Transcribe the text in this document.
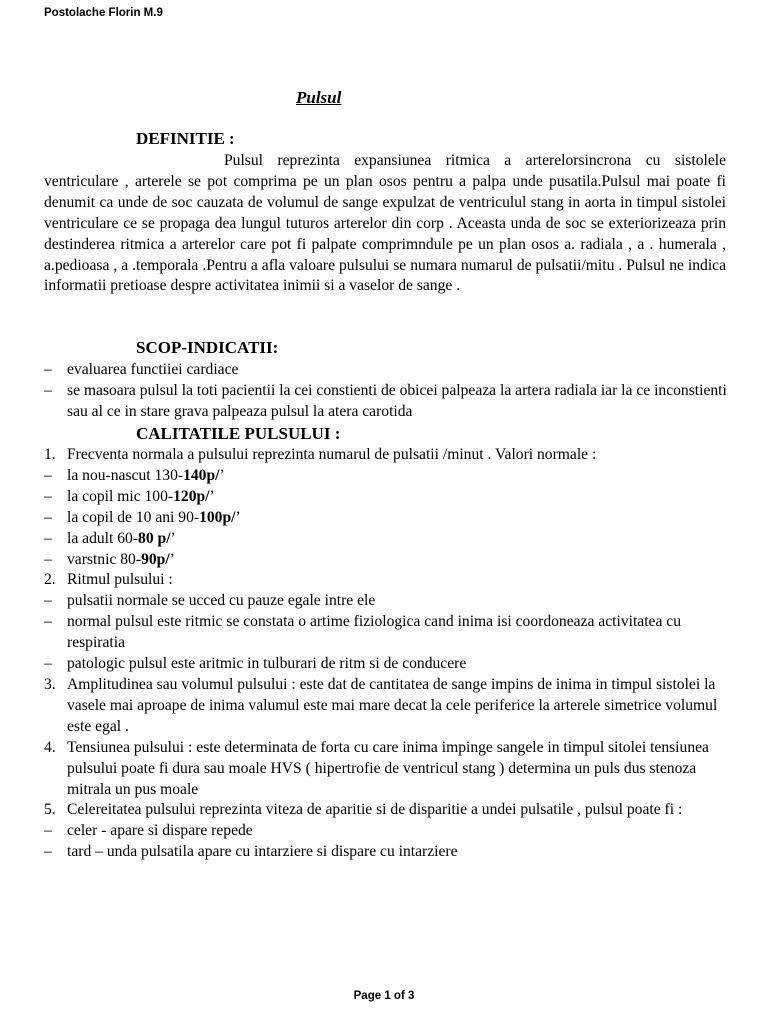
Postolache Florin M.9
Pulsul
DEFINITIE :
Pulsul reprezinta expansiunea ritmica a arterelorsincrona cu sistolele ventriculare , arterele se pot comprima pe un plan osos pentru a palpa unde pusatila.Pulsul mai poate fi denumit ca unde de soc cauzata de volumul de sange expulzat de ventriculul stang in aorta in timpul sistolei ventriculare ce se propaga dea lungul tuturos arterelor din corp . Aceasta unda de soc se exteriorizeaza prin destinderea ritmica a arterelor care pot fi palpate comprimndule pe un plan osos a. radiala , a . humerala , a.pedioasa , a .temporala .Pentru a afla valoare pulsului se numara numarul de pulsatii/mitu . Pulsul ne indica informatii pretioase despre activitatea inimii si a vaselor de sange .
SCOP-INDICATII:
– evaluarea functiiei cardiace
– se masoara pulsul la toti pacientii la cei constienti de obicei palpeaza la artera radiala iar la ce inconstienti sau al ce in stare grava palpeaza pulsul la atera carotida
CALITATILE PULSULUI :
1. Frecventa normala a pulsului reprezinta numarul de pulsatii /minut . Valori normale :
– la nou-nascut 130-140p/’
– la copil mic 100-120p/’
– la copil de 10 ani 90-100p/’
– la adult 60-80 p/’
– varstnic 80-90p/’
2. Ritmul pulsului :
– pulsatii normale se ucced cu pauze egale intre ele
– normal pulsul este ritmic se constata o artime fiziologica cand inima isi coordoneaza activitatea cu respiratia
– patologic pulsul este aritmic in tulburari de ritm si de conducere
3. Amplitudinea sau volumul pulsului : este dat de cantitatea de sange impins de inima in timpul sistolei la vasele mai aproape de inima valumul este mai mare decat la cele periferice la arterele simetrice volumul este egal .
4. Tensiunea pulsului : este determinata de forta cu care inima impinge sangele in timpul sitolei tensiunea pulsului poate fi dura sau moale HVS ( hipertrofie de ventricul stang ) determina un puls dus stenoza mitrala un pus moale
5. Celereitatea pulsului reprezinta viteza de aparitie si de disparitie a undei pulsatile , pulsul poate fi :
– celer - apare si dispare repede
– tard – unda pulsatila apare cu intarziere si dispare cu intarziere
Page 1 of 3
